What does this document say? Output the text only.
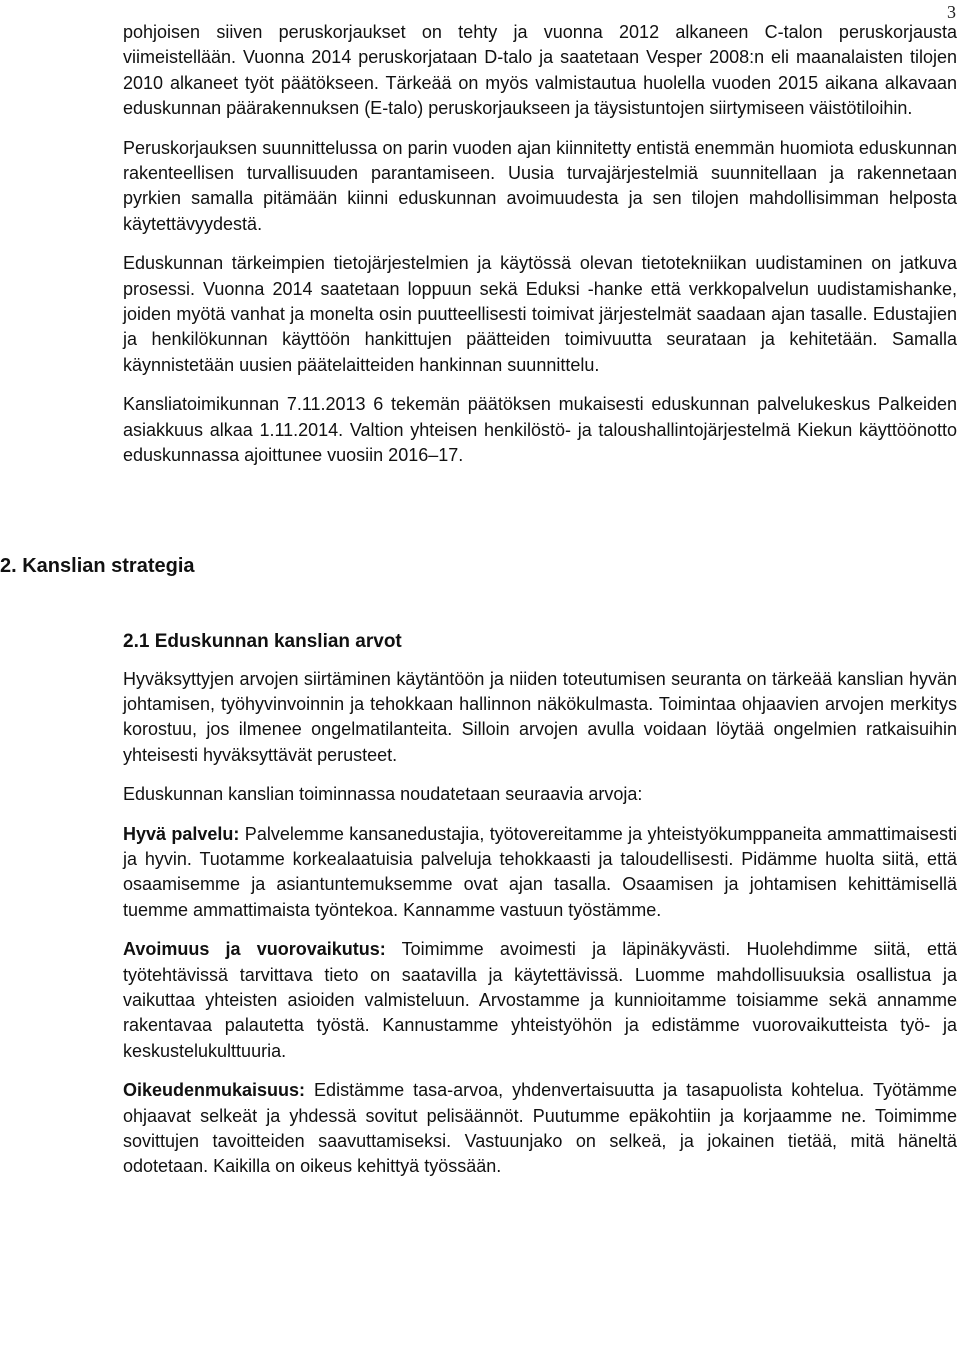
3

pohjoisen siiven peruskorjaukset on tehty ja vuonna 2012 alkaneen C-talon peruskorjausta viimeistellään. Vuonna 2014 peruskorjataan D-talo ja saatetaan Vesper 2008:n eli maanalaisten tilojen 2010 alkaneet työt päätökseen. Tärkeää on myös valmistautua huolella vuoden 2015 aikana alkavaan eduskunnan päärakennuksen (E-talo) peruskorjaukseen ja täysistuntojen siirtymiseen väistötiloihin.

Peruskorjauksen suunnittelussa on parin vuoden ajan kiinnitetty entistä enemmän huomiota eduskunnan rakenteellisen turvallisuuden parantamiseen. Uusia turvajärjestelmiä suunnitellaan ja rakennetaan pyrkien samalla pitämään kiinni eduskunnan avoimuudesta ja sen tilojen mahdollisimman helposta käytettävyydestä.

Eduskunnan tärkeimpien tietojärjestelmien ja käytössä olevan tietotekniikan uudistaminen on jatkuva prosessi. Vuonna 2014 saatetaan loppuun sekä Eduksi -hanke että verkkopalvelun uudistamishanke, joiden myötä vanhat ja monelta osin puutteellisesti toimivat järjestelmät saadaan ajan tasalle. Edustajien ja henkilökunnan käyttöön hankittujen päätteiden toimivuutta seurataan ja kehitetään. Samalla käynnistetään uusien päätelaitteiden hankinnan suunnittelu.

Kansliatoimikunnan 7.11.2013 6 tekemän päätöksen mukaisesti eduskunnan palvelukeskus Palkeiden asiakkuus alkaa 1.11.2014. Valtion yhteisen henkilöstö- ja taloushallintojärjestelmä Kiekun käyttöönotto eduskunnassa ajoittunee vuosiin 2016–17.

2. Kanslian strategia
2.1 Eduskunnan kanslian arvot

Hyväksyttyjen arvojen siirtäminen käytäntöön ja niiden toteutumisen seuranta on tärkeää kanslian hyvän johtamisen, työhyvinvoinnin ja tehokkaan hallinnon näkökulmasta. Toimintaa ohjaavien arvojen merkitys korostuu, jos ilmenee ongelmatilanteita. Silloin arvojen avulla voidaan löytää ongelmien ratkaisuihin yhteisesti hyväksyttävät perusteet.

Eduskunnan kanslian toiminnassa noudatetaan seuraavia arvoja:

Hyvä palvelu: Palvelemme kansanedustajia, työtovereitamme ja yhteistyökumppaneita ammattimaisesti ja hyvin. Tuotamme korkealaatuisia palveluja tehokkaasti ja taloudellisesti. Pidämme huolta siitä, että osaamisemme ja asiantuntemuksemme ovat ajan tasalla. Osaamisen ja johtamisen kehittämisellä tuemme ammattimaista työntekoa. Kannamme vastuun työstämme.

Avoimuus ja vuorovaikutus: Toimimme avoimesti ja läpinäkyvästi. Huolehdimme siitä, että työtehtävissä tarvittava tieto on saatavilla ja käytettävissä. Luomme mahdollisuuksia osallistua ja vaikuttaa yhteisten asioiden valmisteluun. Arvostamme ja kunnioitamme toisiamme sekä annamme rakentavaa palautetta työstä. Kannustamme yhteistyöhön ja edistämme vuorovaikutteista työ- ja keskustelukulttuuria.

Oikeudenmukaisuus: Edistämme tasa-arvoa, yhdenvertaisuutta ja tasapuolista kohtelua. Työtämme ohjaavat selkeät ja yhdessä sovitut pelisäännöt. Puutumme epäkohtiin ja korjaamme ne. Toimimme sovittujen tavoitteiden saavuttamiseksi. Vastuunjako on selkeä, ja jokainen tietää, mitä häneltä odotetaan. Kaikilla on oikeus kehittyä työssään.
